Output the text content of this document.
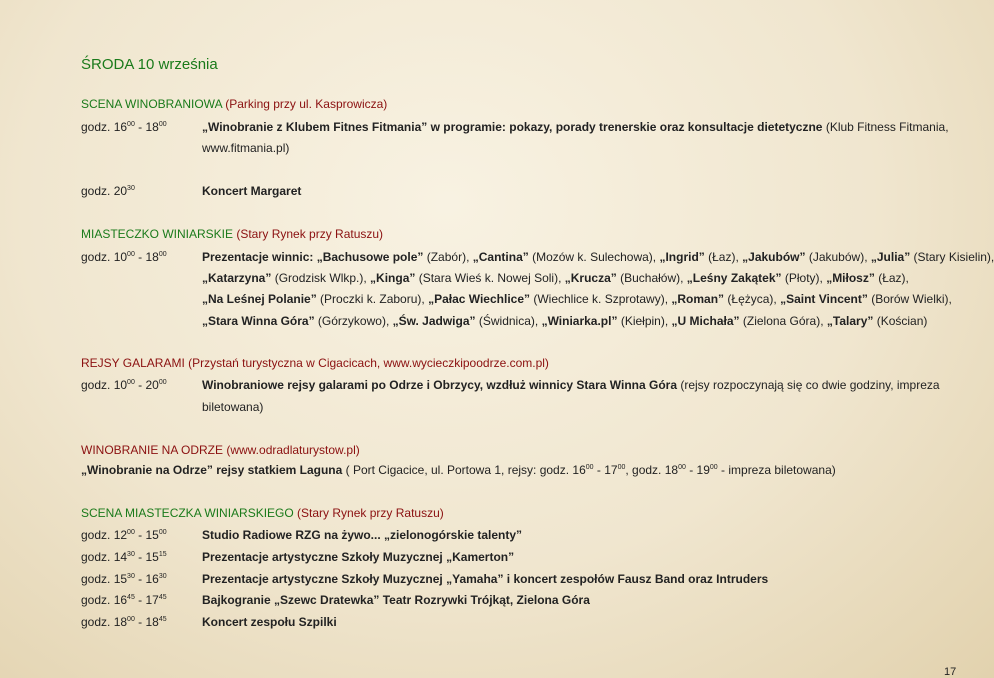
ŚRODA 10 września
SCENA WINOBRANIOWA (Parking przy ul. Kasprowicza)
godz. $16^{00} - 18^{00}$	„Winobranie z Klubem Fitnes Fitmania” w programie: pokazy, porady trenerskie oraz konsultacje dietetyczne (Klub Fitness Fitmania,
www.fitmania.pl)
godz. $20^{30}$	Koncert Margaret
MIASTECZKO WINIARSKIE (Stary Rynek przy Ratuszu)
godz. $10^{00} - 18^{00}$	Prezentacje winnic: „Bachusowe pole” (Zabór), „Cantina” (Mozów k. Sulechowa), „Ingrid” (Łaz), „Jakubów” (Jakubów), „Julia” (Stary Kisielin),
„Katarzyna” (Grodzisk Wlkp.), „Kinga” (Stara Wieś k. Nowej Soli), „Krucza” (Buchałów), „Leśny Zakątek” (Płoty), „Miłosz” (Łaz),
„Na Leśnej Polanie” (Proczki k. Zaboru), „Pałac Wiechlice” (Wiechlice k. Szprotawy), „Roman” (Łężyca), „Saint Vincent” (Borów Wielki),
„Stara Winna Góra” (Górzykowo), „Św. Jadwiga” (Świdnica), „Winiarka.pl” (Kiełpin), „U Michała” (Zielona Góra), „Talary” (Kościan)
REJSY GALARAMI (Przystań turystyczna w Cigacicach, www.wycieczkipoodrze.com.pl)
godz. $10^{00} - 20^{00}$	Winobraniowe rejsy galarami po Odrze i Obrzycy, wzdłuż winnicy Stara Winna Góra (rejsy rozpoczynają się co dwie godziny, impreza
biletowana)
WINOBRANIE NA ODRZE (www.odradlaturystow.pl)
„Winobranie na Odrze” rejsy statkiem Laguna ( Port Cigacice, ul. Portowa 1, rejsy: godz. $16^{00} - 17^{00}$, godz. $18^{00} - 19^{00}$ - impreza biletowana)
SCENA MIASTECZKA WINIARSKIEGO (Stary Rynek przy Ratuszu)
godz. $12^{00} - 15^{00}$	Studio Radiowe RZG na żywo... „zielonogórskie talenty”
godz. $14^{30} - 15^{15}$	Prezentacje artystyczne Szkoły Muzycznej „Kamerton”
godz. $15^{30} - 16^{30}$	Prezentacje artystyczne Szkoły Muzycznej „Yamaha” i koncert zespołów Fausz Band oraz Intruders
godz. $16^{45} - 17^{45}$	Bajkogranie „Szewc Dratewka” Teatr Rozrywki Trójkąt, Zielona Góra
godz. $18^{00} - 18^{45}$	Koncert zespołu Szpilki
17
